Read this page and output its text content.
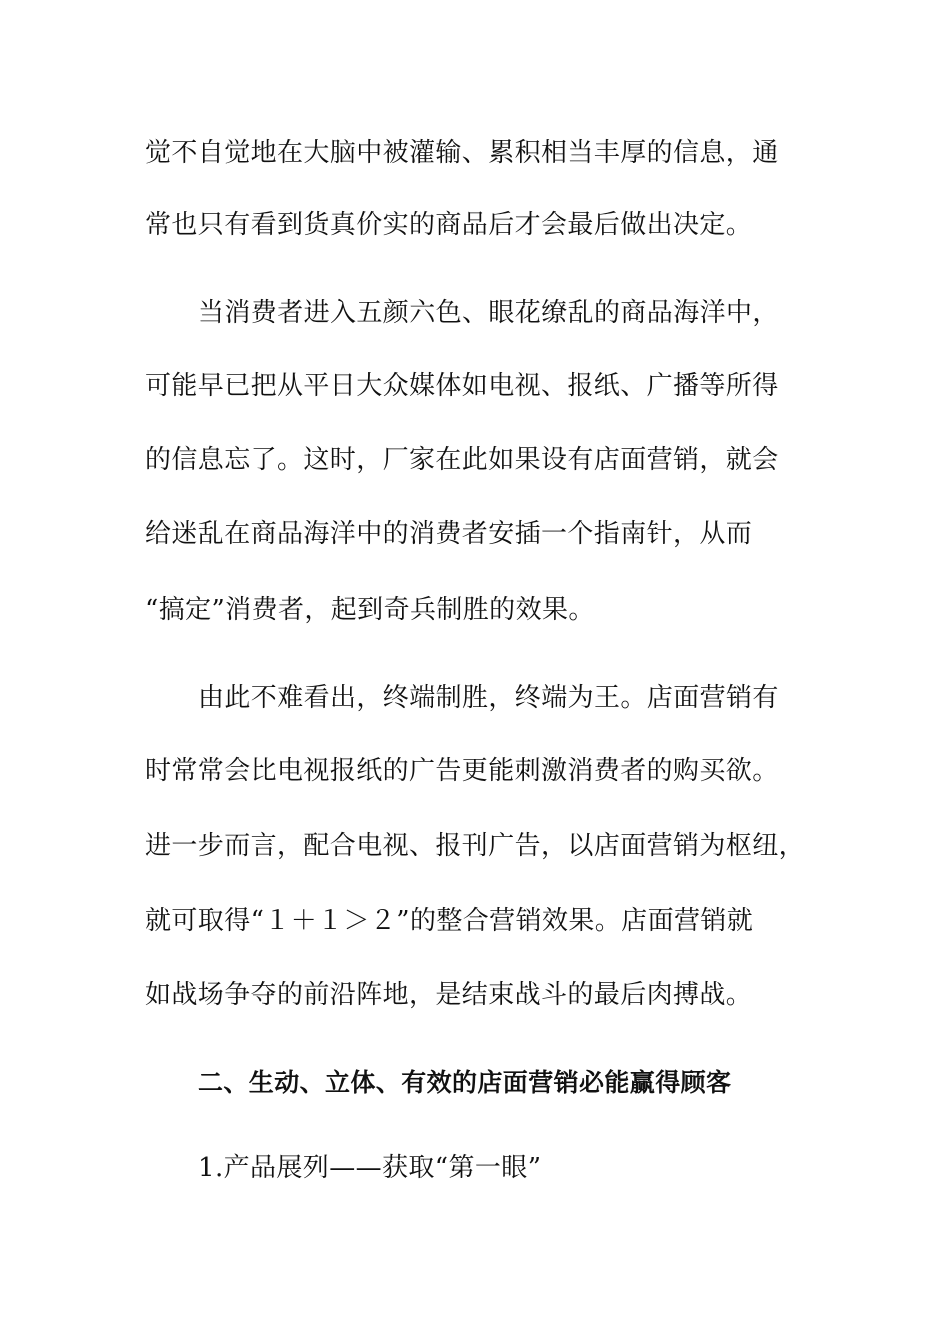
觉不自觉地在大脑中被灌输、累积相当丰厚的信息，通
常也只有看到货真价实的商品后才会最后做出决定。
当消费者进入五颜六色、眼花缭乱的商品海洋中，
可能早已把从平日大众媒体如电视、报纸、广播等所得
的信息忘了。这时，厂家在此如果设有店面营销，就会
给迷乱在商品海洋中的消费者安插一个指南针，从而
“搞定”消费者，起到奇兵制胜的效果。
由此不难看出，终端制胜，终端为王。店面营销有
时常常会比电视报纸的广告更能刺激消费者的购买欲。
进一步而言，配合电视、报刊广告，以店面营销为枢纽，
就可取得“１＋１＞２”的整合营销效果。店面营销就
如战场争夺的前沿阵地，是结束战斗的最后肉搏战。
二、生动、立体、有效的店面营销必能赢得顾客
1.产品展列——获取“第一眼”
